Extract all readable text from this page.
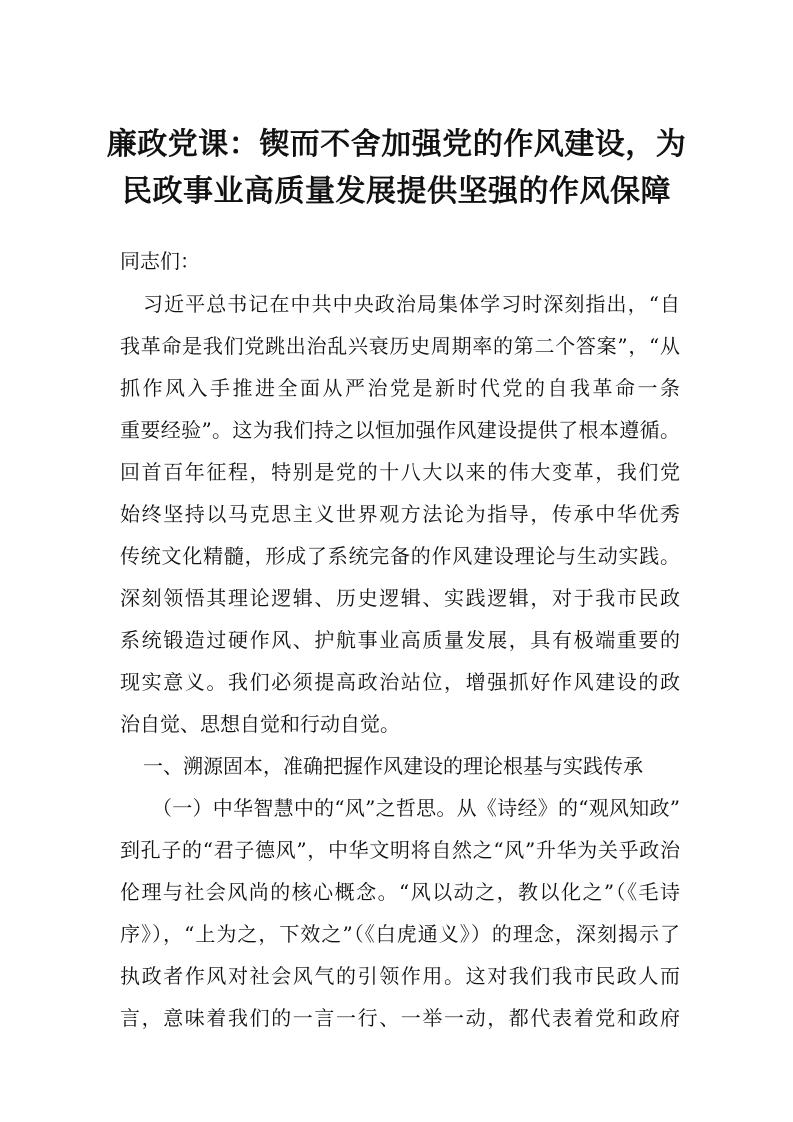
廉政党课：锲而不舍加强党的作风建设，为
民政事业高质量发展提供坚强的作风保障
同志们：
习近平总书记在中共中央政治局集体学习时深刻指出，“自
我革命是我们党跳出治乱兴衰历史周期率的第二个答案”，“从
抓作风入手推进全面从严治党是新时代党的自我革命一条
重要经验”。这为我们持之以恒加强作风建设提供了根本遵循。
回首百年征程，特别是党的十八大以来的伟大变革，我们党
始终坚持以马克思主义世界观方法论为指导，传承中华优秀
传统文化精髓，形成了系统完备的作风建设理论与生动实践。
深刻领悟其理论逻辑、历史逻辑、实践逻辑，对于我市民政
系统锻造过硬作风、护航事业高质量发展，具有极端重要的
现实意义。我们必须提高政治站位，增强抓好作风建设的政
治自觉、思想自觉和行动自觉。
一、溯源固本，准确把握作风建设的理论根基与实践传承
（一）中华智慧中的“风”之哲思。从《诗经》的“观风知政”
到孔子的“君子德风”，中华文明将自然之“风”升华为关乎政治
伦理与社会风尚的核心概念。“风以动之，教以化之”（《毛诗
序》），“上为之，下效之”（《白虎通义》）的理念，深刻揭示了
执政者作风对社会风气的引领作用。这对我们我市民政人而
言，意味着我们的一言一行、一举一动，都代表着党和政府
